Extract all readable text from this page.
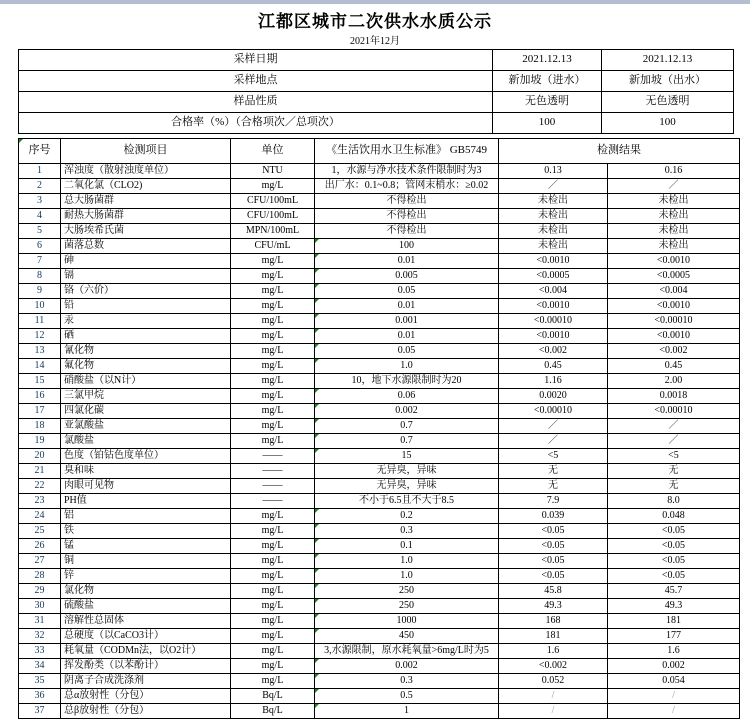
江都区城市二次供水水质公示
2021年12月
采样日期	2021.12.13	2021.12.13
采样地点	新加坡（进水）	新加坡（出水）
样品性质	无色透明	无色透明
合格率（%）（合格项次／总项次）	100	100
序号	检测项目	单位	《生活饮用水卫生标准》 GB5749	检测结果	
1	浑浊度（散射浊度单位）	NTU	1，水源与净水技术条件限制时为3	0.13	0.16
2	二氧化氯（CLO2)	mg/L	出厂水：0.1~0.8；管网末梢水：≥0.02	／	／
3	总大肠菌群	CFU/100mL	不得检出	未检出	未检出
4	耐热大肠菌群	CFU/100mL	不得检出	未检出	未检出
5	大肠埃希氏菌	MPN/100mL	不得检出	未检出	未检出
6	菌落总数	CFU/mL	100	未检出	未检出
7	砷	mg/L	0.01	<0.0010	<0.0010
8	镉	mg/L	0.005	<0.0005	<0.0005
9	铬（六价）	mg/L	0.05	<0.004	<0.004
10	铅	mg/L	0.01	<0.0010	<0.0010
11	汞	mg/L	0.001	<0.00010	<0.00010
12	硒	mg/L	0.01	<0.0010	<0.0010
13	氰化物	mg/L	0.05	<0.002	<0.002
14	氟化物	mg/L	1.0	0.45	0.45
15	硝酸盐（以N计）	mg/L	10，地下水源限制时为20	1.16	2.00
16	三氯甲烷	mg/L	0.06	0.0020	0.0018
17	四氯化碳	mg/L	0.002	<0.00010	<0.00010
18	亚氯酸盐	mg/L	0.7	／	／
19	氯酸盐	mg/L	0.7	／	／
20	色度（铂钴色度单位）	——	15	<5	<5
21	臭和味	——	无异臭，异味	无	无
22	肉眼可见物	——	无异臭，异味	无	无
23	PH值	——	不小于6.5且不大于8.5	7.9	8.0
24	铝	mg/L	0.2	0.039	0.048
25	铁	mg/L	0.3	<0.05	<0.05
26	锰	mg/L	0.1	<0.05	<0.05
27	铜	mg/L	1.0	<0.05	<0.05
28	锌	mg/L	1.0	<0.05	<0.05
29	氯化物	mg/L	250	45.8	45.7
30	硫酸盐	mg/L	250	49.3	49.3
31	溶解性总固体	mg/L	1000	168	181
32	总硬度（以CaCO3计）	mg/L	450	181	177
33	耗氧量（CODMn法，以O2计）	mg/L	3,水源限制，原水耗氧量>6mg/L时为5	1.6	1.6
34	挥发酚类（以苯酚计）	mg/L	0.002	<0.002	0.002
35	阴离子合成洗涤剂	mg/L	0.3	0.052	0.054
36	总α放射性（分包）	Bq/L	0.5	/	/
37	总β放射性（分包）	Bq/L	1	/	/
